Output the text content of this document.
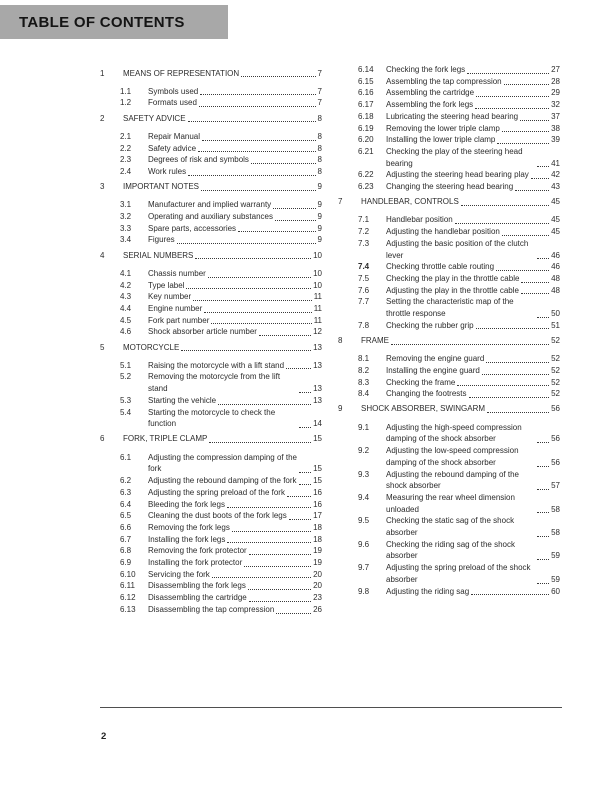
TABLE OF CONTENTS
1	MEANS OF REPRESENTATION	7
1.1	Symbols used	7
1.2	Formats used	7
2	SAFETY ADVICE	8
2.1	Repair Manual	8
2.2	Safety advice	8
2.3	Degrees of risk and symbols	8
2.4	Work rules	8
3	IMPORTANT NOTES	9
3.1	Manufacturer and implied warranty	9
3.2	Operating and auxiliary substances	9
3.3	Spare parts, accessories	9
3.4	Figures	9
4	SERIAL NUMBERS	10
4.1	Chassis number	10
4.2	Type label	10
4.3	Key number	11
4.4	Engine number	11
4.5	Fork part number	11
4.6	Shock absorber article number	12
5	MOTORCYCLE	13
5.1	Raising the motorcycle with a lift stand	13
5.2	Removing the motorcycle from the lift stand	13
5.3	Starting the vehicle	13
5.4	Starting the motorcycle to check the function	14
6	FORK, TRIPLE CLAMP	15
6.1	Adjusting the compression damping of the fork	15
6.2	Adjusting the rebound damping of the fork 15
6.3	Adjusting the spring preload of the fork	16
6.4	Bleeding the fork legs	16
6.5	Cleaning the dust boots of the fork legs	17
6.6	Removing the fork legs	18
6.7	Installing the fork legs	18
6.8	Removing the fork protector	19
6.9	Installing the fork protector	19
6.10	Servicing the fork	20
6.11	Disassembling the fork legs	20
6.12	Disassembling the cartridge	23
6.13	Disassembling the tap compression	26
6.14	Checking the fork legs	27
6.15	Assembling the tap compression	28
6.16	Assembling the cartridge	29
6.17	Assembling the fork legs	32
6.18	Lubricating the steering head bearing	37
6.19	Removing the lower triple clamp	38
6.20	Installing the lower triple clamp	39
6.21	Checking the play of the steering head bearing	41
6.22	Adjusting the steering head bearing play	42
6.23	Changing the steering head bearing	43
7	HANDLEBAR, CONTROLS	45
7.1	Handlebar position	45
7.2	Adjusting the handlebar position	45
7.3	Adjusting the basic position of the clutch lever	46
7.4	Checking throttle cable routing	46
7.5	Checking the play in the throttle cable	48
7.6	Adjusting the play in the throttle cable	48
7.7	Setting the characteristic map of the throttle response	50
7.8	Checking the rubber grip	51
8	FRAME	52
8.1	Removing the engine guard	52
8.2	Installing the engine guard	52
8.3	Checking the frame	52
8.4	Changing the footrests	52
9	SHOCK ABSORBER, SWINGARM	56
9.1	Adjusting the high-speed compression damping of the shock absorber	56
9.2	Adjusting the low-speed compression damping of the shock absorber	56
9.3	Adjusting the rebound damping of the shock absorber	57
9.4	Measuring the rear wheel dimension unloaded	58
9.5	Checking the static sag of the shock absorber	58
9.6	Checking the riding sag of the shock absorber	59
9.7	Adjusting the spring preload of the shock absorber	59
9.8	Adjusting the riding sag	60
2
